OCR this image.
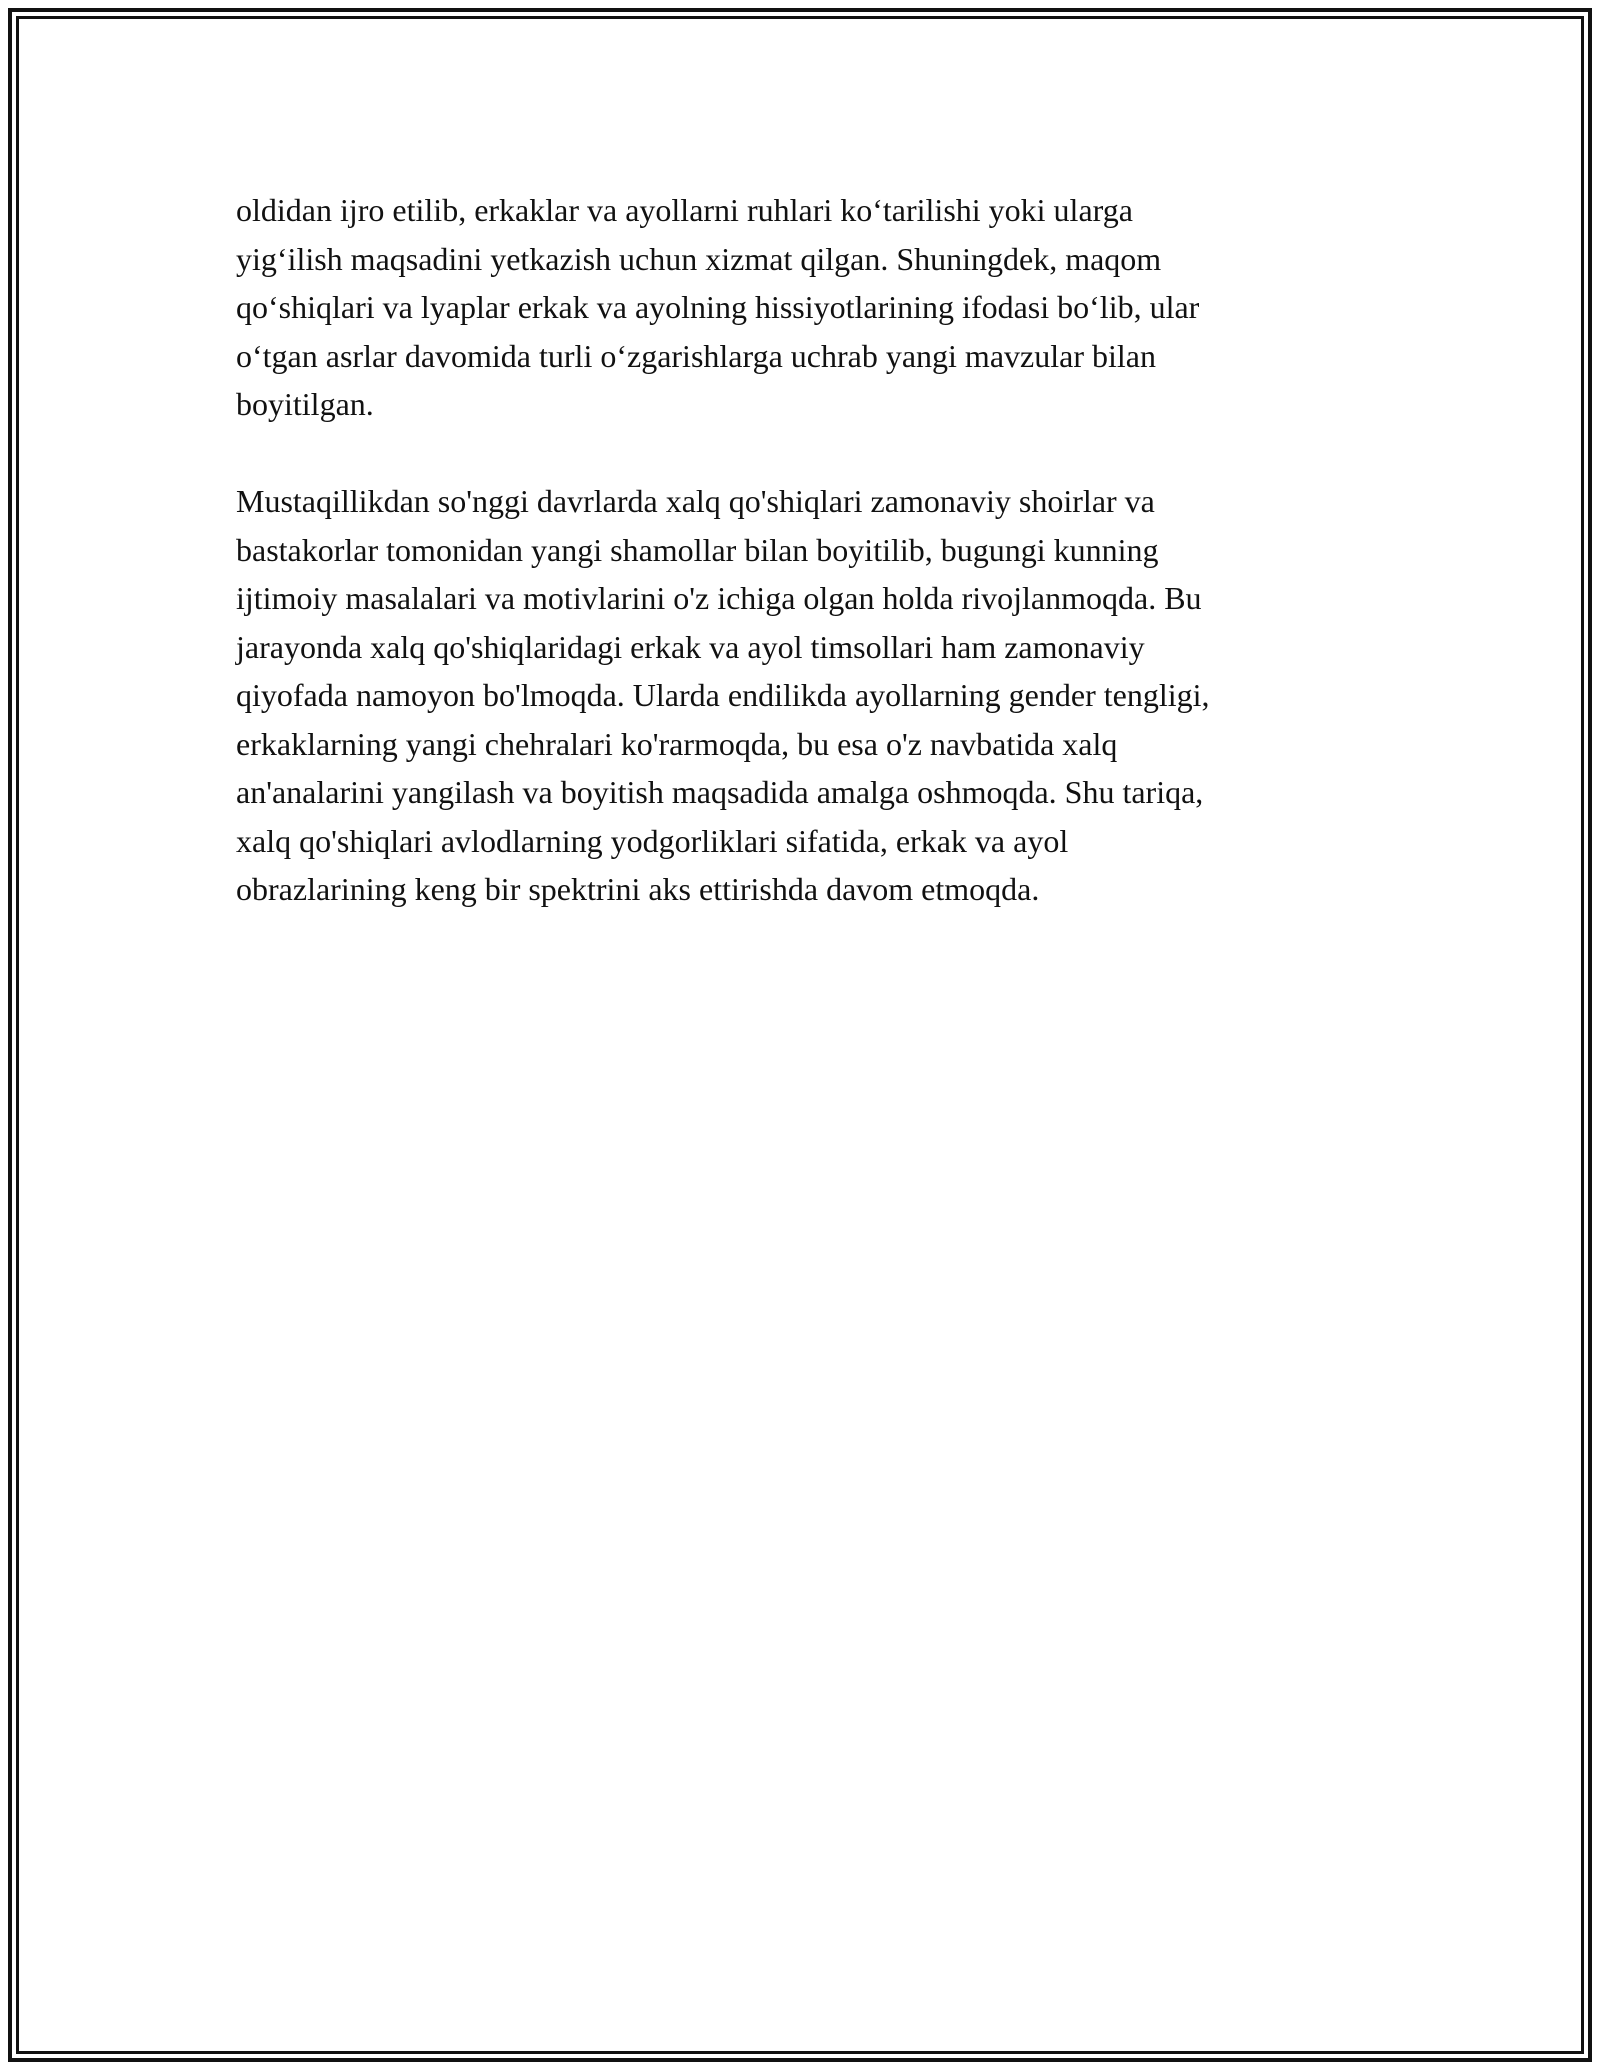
oldidan ijro etilib, erkaklar va ayollarni ruhlari ko‘tarilishi yoki ularga
yig‘ilish maqsadini yetkazish uchun xizmat qilgan. Shuningdek, maqom
qo‘shiqlari va lyaplar erkak va ayolning hissiyotlarining ifodasi bo‘lib, ular
o‘tgan asrlar davomida turli o‘zgarishlarga uchrab yangi mavzular bilan
boyitilgan.

Mustaqillikdan so'nggi davrlarda xalq qo'shiqlari zamonaviy shoirlar va
bastakorlar tomonidan yangi shamollar bilan boyitilib, bugungi kunning
ijtimoiy masalalari va motivlarini o'z ichiga olgan holda rivojlanmoqda. Bu
jarayonda xalq qo'shiqlaridagi erkak va ayol timsollari ham zamonaviy
qiyofada namoyon bo'lmoqda. Ularda endilikda ayollarning gender tengligi,
erkaklarning yangi chehralari ko'rarmoqda, bu esa o'z navbatida xalq
an'analarini yangilash va boyitish maqsadida amalga oshmoqda. Shu tariqa,
xalq qo'shiqlari avlodlarning yodgorliklari sifatida, erkak va ayol
obrazlarining keng bir spektrini aks ettirishda davom etmoqda.
